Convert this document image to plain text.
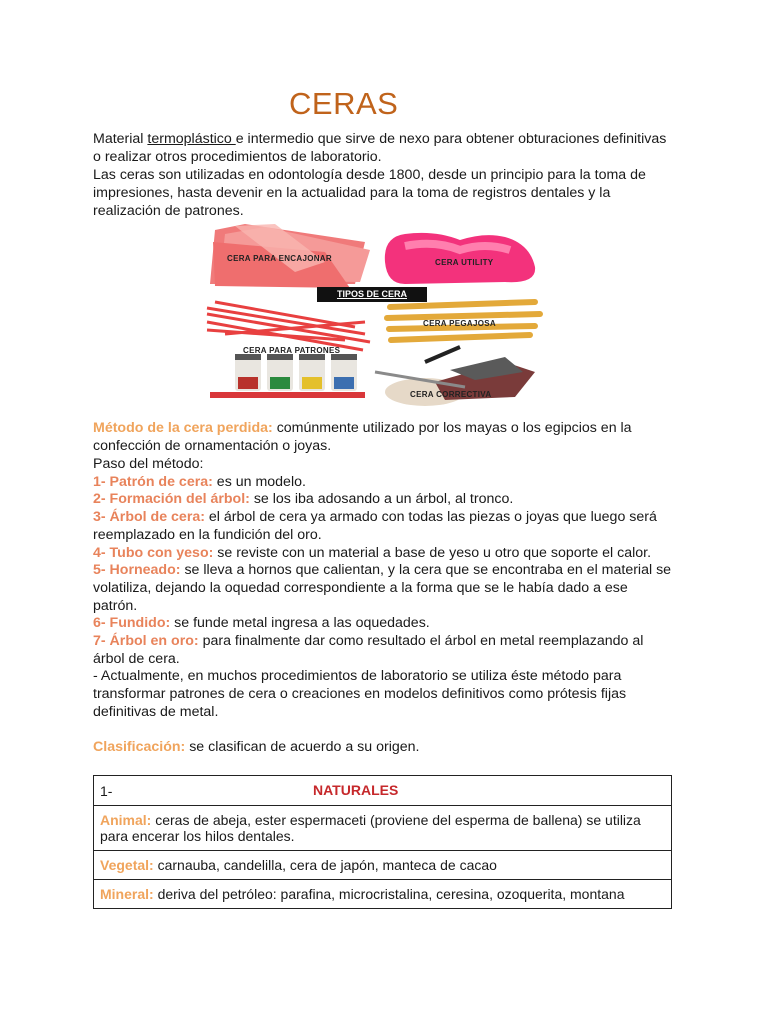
CERAS

Material termoplástico e intermedio que sirve de nexo para obtener obturaciones definitivas

o realizar otros procedimientos de laboratorio.

Las ceras son utilizadas en odontología desde 1800, desde un principio para la toma de

impresiones, hasta devenir en la actualidad para la toma de registros dentales y la

realización de patrones.

CERA PARA ENCAJONAR	CERA UTILITY
TIPOS DE CERA
CERA PARA PATRONES
CERA PEGAJOSA
CERA CORRECTIVA

Método de la cera perdida: comúnmente utilizado por los mayas o los egipcios en la

confección de ornamentación o joyas.

Paso del método:

1- Patrón de cera: es un modelo.

2- Formación del árbol: se los iba adosando a un árbol, al tronco.

3- Árbol de cera: el árbol de cera ya armado con todas las piezas o joyas que luego será

reemplazado en la fundición del oro.

4- Tubo con yeso: se reviste con un material a base de yeso u otro que soporte el calor.

5- Horneado: se lleva a hornos que calientan, y la cera que se encontraba en el material se

volatiliza, dejando la oquedad correspondiente a la forma que se le había dado a ese

patrón.

6- Fundido: se funde metal ingresa a las oquedades.

7- Árbol en oro: para finalmente dar como resultado el árbol en metal reemplazando al

árbol de cera.

- Actualmente, en muchos procedimientos de laboratorio se utiliza éste método para

transformar patrones de cera o creaciones en modelos definitivos como prótesis fijas

definitivas de metal.

Clasificación: se clasifican de acuerdo a su origen.

1-	NATURALES

Animal: ceras de abeja, ester espermaceti (proviene del esperma de ballena) se utiliza
para encerar los hilos dentales.
Vegetal: carnauba, candelilla, cera de japón, manteca de cacao
Mineral: deriva del petróleo: parafina, microcristalina, ceresina, ozoquerita, montana
